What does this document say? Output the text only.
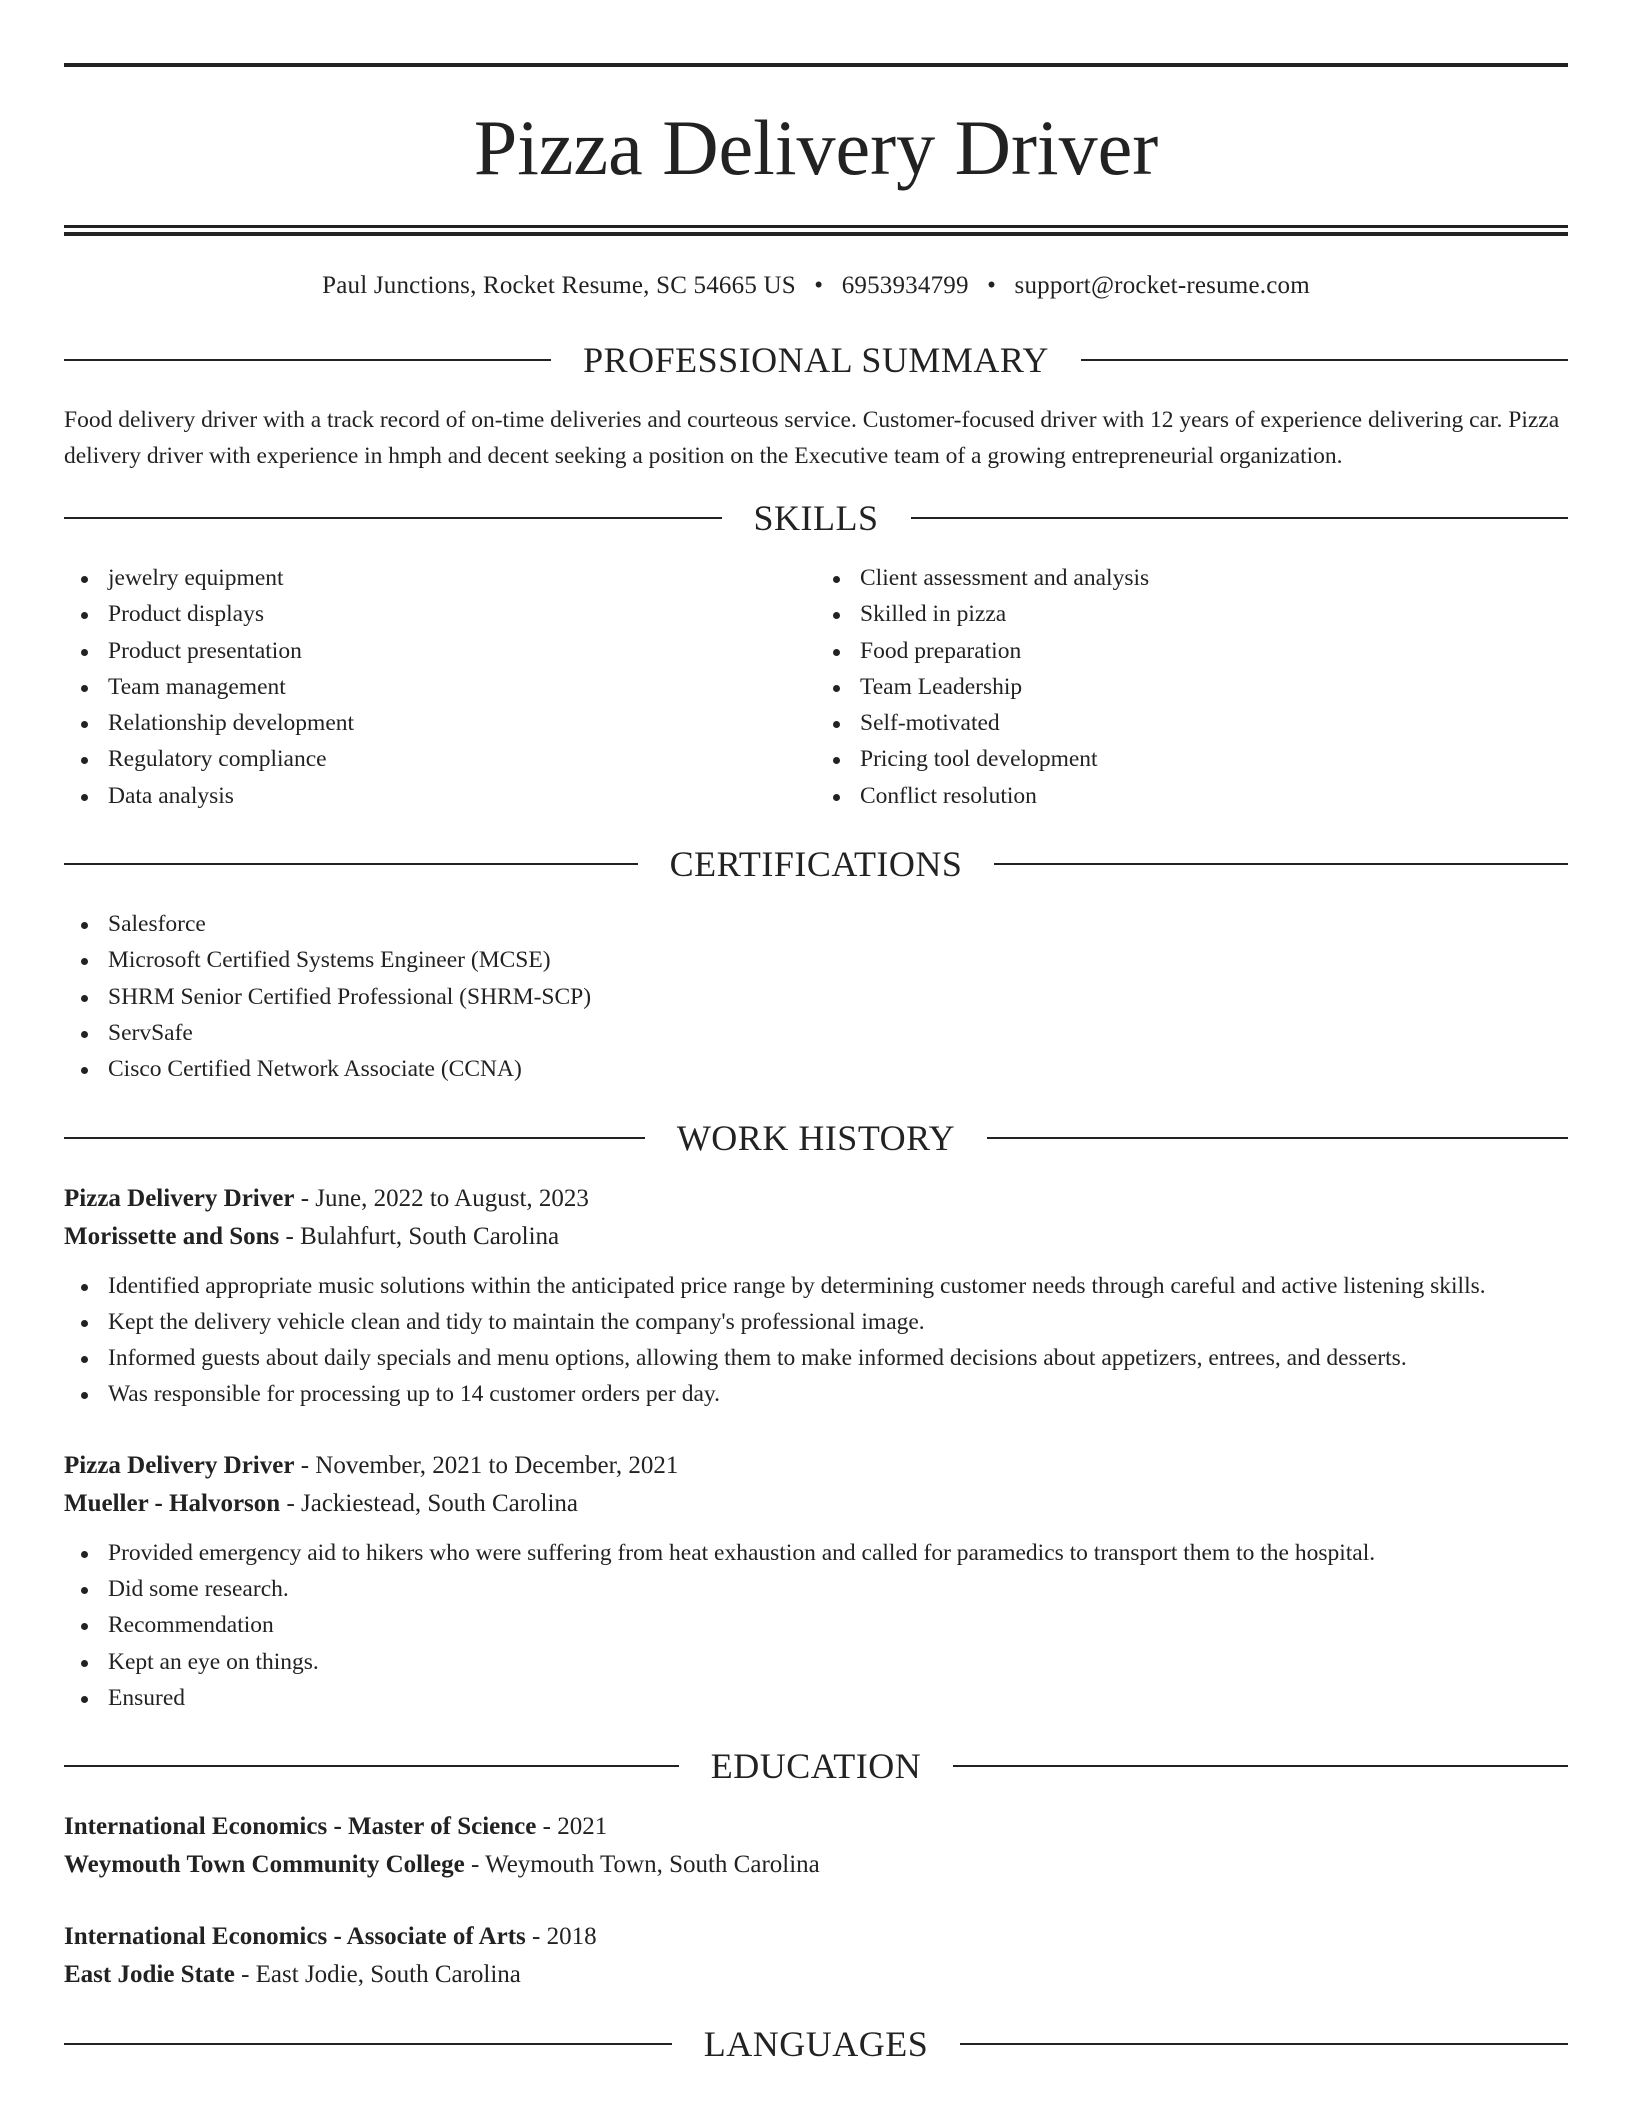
Pizza Delivery Driver
Paul Junctions, Rocket Resume, SC 54665 US • 6953934799 • support@rocket-resume.com
PROFESSIONAL SUMMARY

Food delivery driver with a track record of on-time deliveries and courteous service. Customer-focused driver with 12 years of experience delivering car. Pizza delivery driver with experience in hmph and decent seeking a position on the Executive team of a growing entrepreneurial organization.

SKILLS
jewelry equipment
Product displays
Product presentation
Team management
Relationship development
Regulatory compliance
Data analysis
Client assessment and analysis
Skilled in pizza
Food preparation
Team Leadership
Self-motivated
Pricing tool development
Conflict resolution
CERTIFICATIONS
Salesforce
Microsoft Certified Systems Engineer (MCSE)
SHRM Senior Certified Professional (SHRM-SCP)
ServSafe
Cisco Certified Network Associate (CCNA)
WORK HISTORY
Pizza Delivery Driver - June, 2022 to August, 2023
Morissette and Sons - Bulahfurt, South Carolina
Identified appropriate music solutions within the anticipated price range by determining customer needs through careful and active listening skills.
Kept the delivery vehicle clean and tidy to maintain the company's professional image.
Informed guests about daily specials and menu options, allowing them to make informed decisions about appetizers, entrees, and desserts.
Was responsible for processing up to 14 customer orders per day.
Pizza Delivery Driver - November, 2021 to December, 2021
Mueller - Halvorson - Jackiestead, South Carolina
Provided emergency aid to hikers who were suffering from heat exhaustion and called for paramedics to transport them to the hospital.
Did some research.
Recommendation
Kept an eye on things.
Ensured
EDUCATION
International Economics - Master of Science - 2021
Weymouth Town Community College - Weymouth Town, South Carolina
International Economics - Associate of Arts - 2018
East Jodie State - East Jodie, South Carolina
LANGUAGES
